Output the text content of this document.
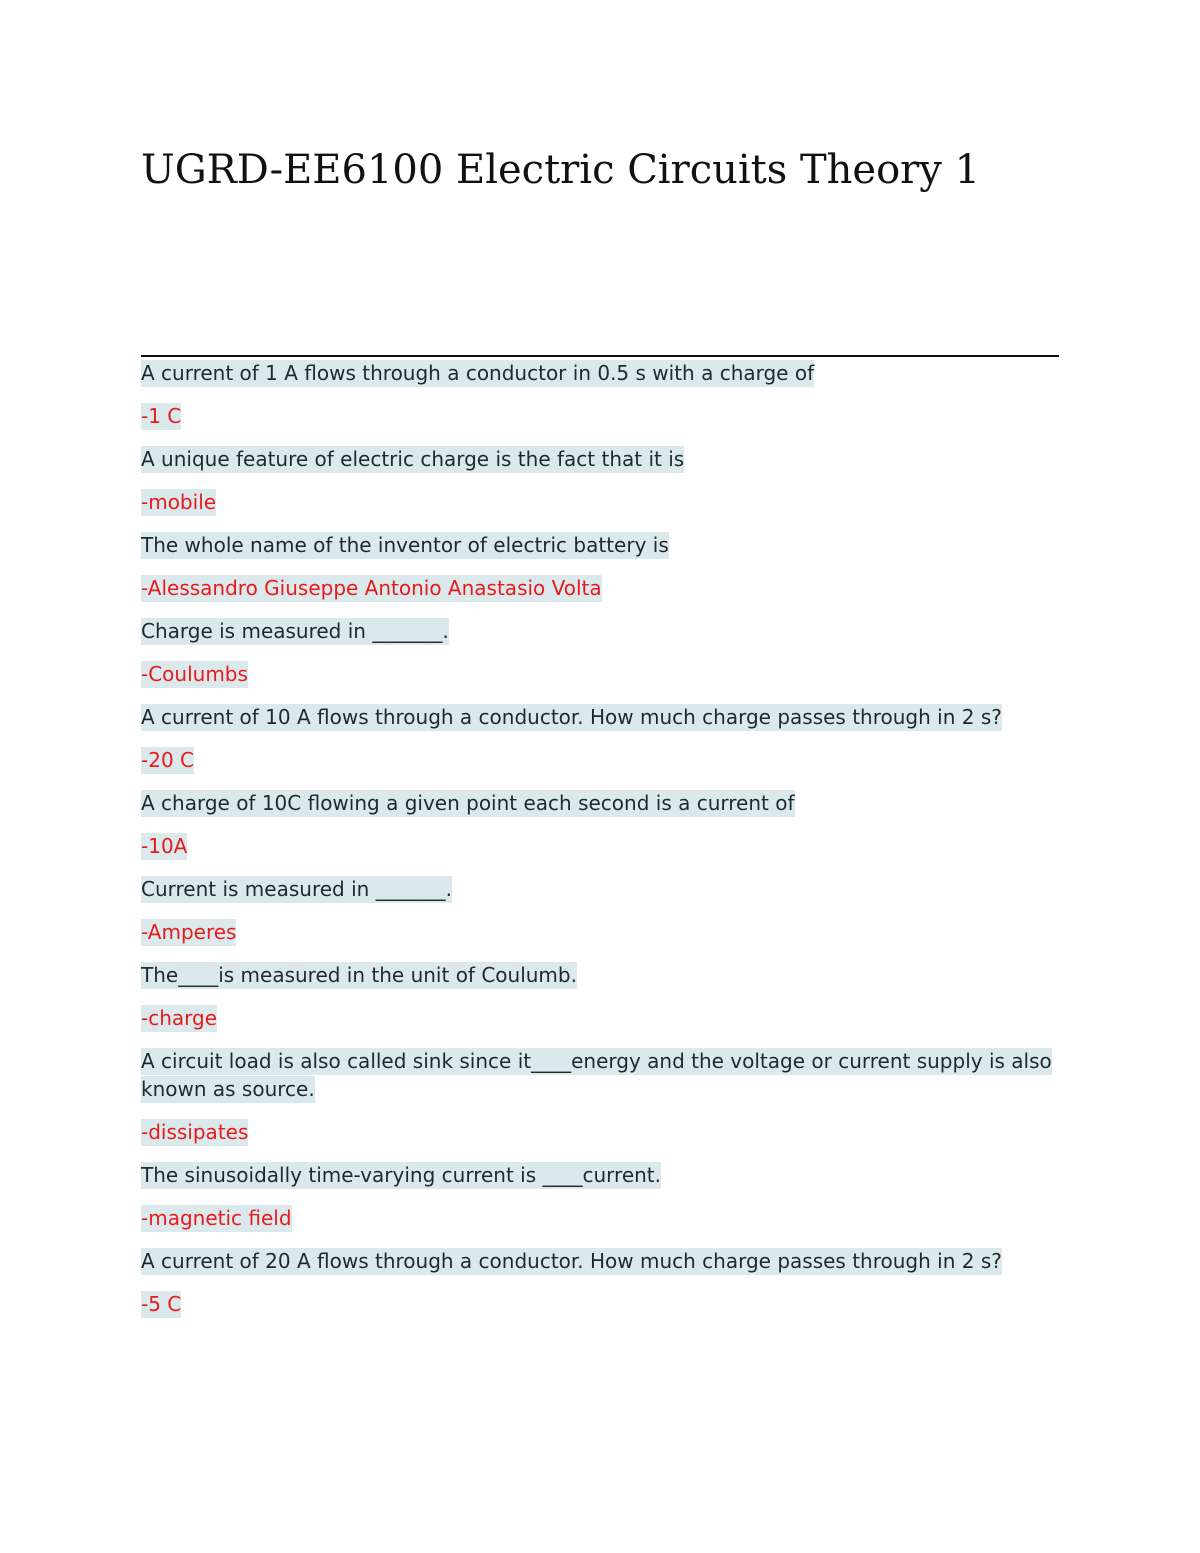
UGRD-EE6100 Electric Circuits Theory 1

A current of 1 A flows through a conductor in 0.5 s with a charge of

-1 C

A unique feature of electric charge is the fact that it is

-mobile

The whole name of the inventor of electric battery is

-Alessandro Giuseppe Antonio Anastasio Volta

Charge is measured in _______.

-Coulumbs

A current of 10 A flows through a conductor. How much charge passes through in 2 s?

-20 C

A charge of 10C flowing a given point each second is a current of

-10A

Current is measured in _______.

-Amperes

The____is measured in the unit of Coulumb.

-charge

A circuit load is also called sink since it____energy and the voltage or current supply is also known as source.

-dissipates

The sinusoidally time-varying current is ____current.

-magnetic field

A current of 20 A flows through a conductor. How much charge passes through in 2 s?

-5 C
